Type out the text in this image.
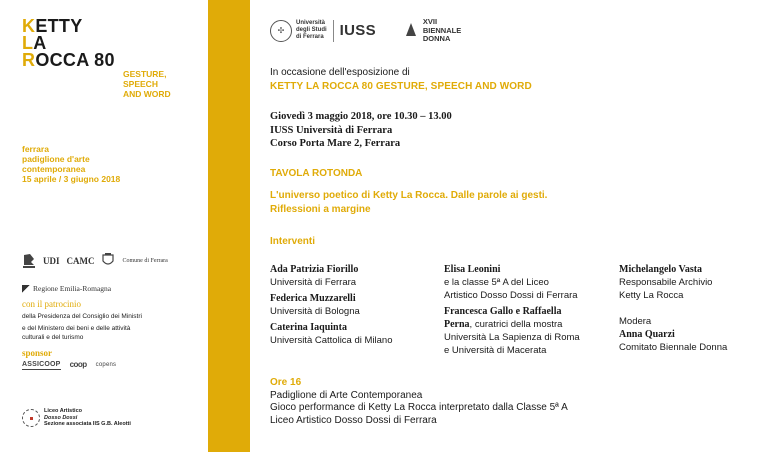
KETTY
LA
ROCCA 80
GESTURE,
SPEECH
AND WORD
ferrara
padiglione d'arte
contemporanea
15 aprile / 3 giugno 2018
UDI CAMC	Comune di Ferrara
Regione Emilia-Romagna
con il patrocinio
della Presidenza del Consiglio dei Ministri
e del Ministero dei beni e delle attività
culturali e del turismo
sponsor
ASSICOOP coop copens
Liceo Artistico
Dosso Dossi
Sezione associata IIS G.B. Aleotti
✣
Università
degli Studi
di Ferrara IUSS
XVII
BIENNALE
DONNA
In occasione dell'esposizione di
KETTY LA ROCCA 80 GESTURE, SPEECH AND WORD
Giovedì 3 maggio 2018, ore 10.30 – 13.00
IUSS Università di Ferrara
Corso Porta Mare 2, Ferrara
TAVOLA ROTONDA
L'universo poetico di Ketty La Rocca. Dalle parole ai gesti.
Riflessioni a margine
Interventi
Ada Patrizia Fiorillo
Università di Ferrara
Federica Muzzarelli
Università di Bologna
Caterina Iaquinta
Università Cattolica di Milano
Elisa Leonini
e la classe 5ª A del Liceo
Artistico Dosso Dossi di Ferrara
Francesca Gallo e Raffaella
Perna, curatrici della mostra
Università La Sapienza di Roma
e Università di Macerata
Michelangelo Vasta
Responsabile Archivio
Ketty La Rocca
Modera
Anna Quarzi
Comitato Biennale Donna
Ore 16
Padiglione di Arte Contemporanea
Gioco performance di Ketty La Rocca interpretato dalla Classe 5ª A
Liceo Artistico Dosso Dossi di Ferrara
